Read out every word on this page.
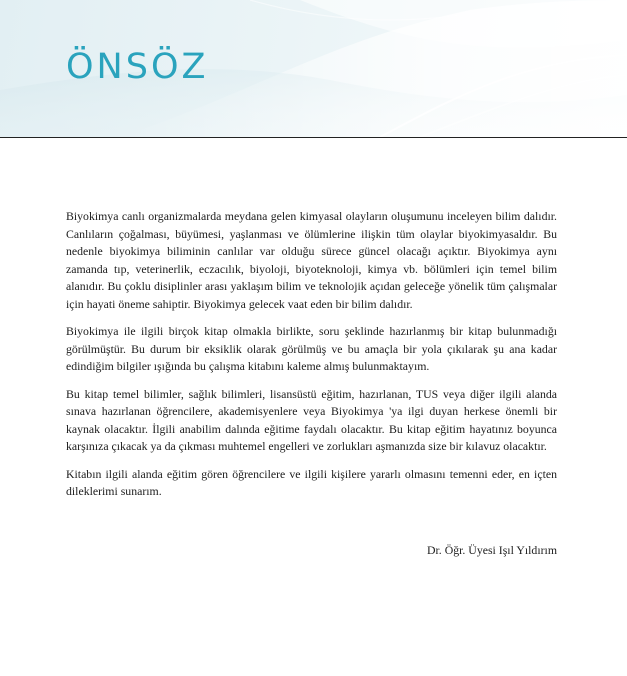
ÖNSÖZ

Biyokimya canlı organizmalarda meydana gelen kimyasal olayların oluşumunu inceleyen bilim dalıdır. Canlıların çoğalması, büyümesi, yaşlanması ve ölümlerine ilişkin tüm olaylar biyokimyasaldır. Bu nedenle biyokimya biliminin canlılar var olduğu sürece güncel olacağı açıktır. Biyokimya aynı zamanda tıp, veterinerlik, eczacılık, biyoloji, biyoteknoloji, kimya vb. bölümleri için temel bilim alanıdır. Bu çoklu disiplinler arası yaklaşım bilim ve teknolojik açıdan geleceğe yönelik tüm çalışmalar için hayati öneme sahiptir. Biyokimya gelecek vaat eden bir bilim dalıdır.

Biyokimya ile ilgili birçok kitap olmakla birlikte, soru şeklinde hazırlanmış bir kitap bulunmadığı görülmüştür. Bu durum bir eksiklik olarak görülmüş ve bu amaçla bir yola çıkılarak şu ana kadar edindiğim bilgiler ışığında bu çalışma kitabını kaleme almış bulunmaktayım.

Bu kitap temel bilimler, sağlık bilimleri, lisansüstü eğitim, hazırlanan, TUS veya diğer ilgili alanda sınava hazırlanan öğrencilere, akademisyenlere veya Biyokimya 'ya ilgi duyan herkese önemli bir kaynak olacaktır. İlgili anabilim dalında eğitime faydalı olacaktır. Bu kitap eğitim hayatınız boyunca karşınıza çıkacak ya da çıkması muhtemel engelleri ve zorlukları aşmanızda size bir kılavuz olacaktır.

Kitabın ilgili alanda eğitim gören öğrencilere ve ilgili kişilere yararlı olmasını temenni eder, en içten dileklerimi sunarım.

Dr. Öğr. Üyesi Işıl Yıldırım
